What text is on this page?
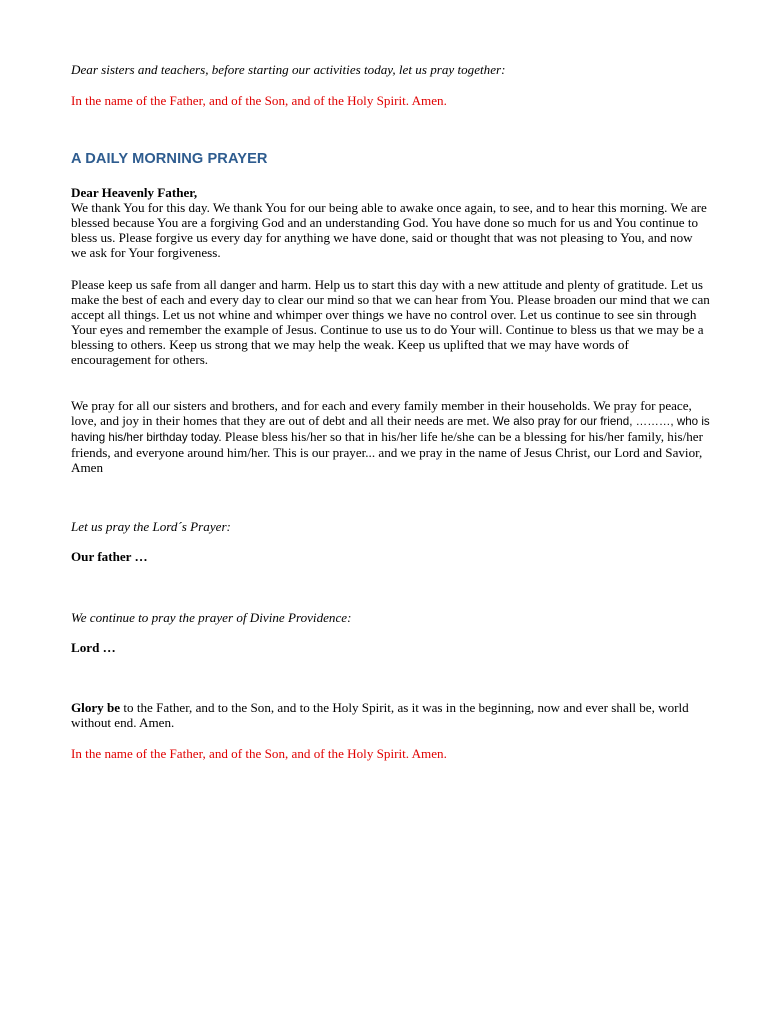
Dear sisters and teachers, before starting our activities today, let us pray together:

In the name of the Father, and of the Son, and of the Holy Spirit. Amen.

A DAILY MORNING PRAYER

Dear Heavenly Father,

We thank You for this day. We thank You for our being able to awake once again, to see, and to hear this morning. We are blessed because You are a forgiving God and an understanding God. You have done so much for us and You continue to bless us. Please forgive us every day for anything we have done, said or thought that was not pleasing to You, and now we ask for Your forgiveness.

Please keep us safe from all danger and harm. Help us to start this day with a new attitude and plenty of gratitude. Let us make the best of each and every day to clear our mind so that we can hear from You. Please broaden our mind that we can accept all things. Let us not whine and whimper over things we have no control over. Let us continue to see sin through Your eyes and remember the example of Jesus. Continue to use us to do Your will. Continue to bless us that we may be a blessing to others. Keep us strong that we may help the weak. Keep us uplifted that we may have words of encouragement for others.

We pray for all our sisters and brothers, and for each and every family member in their households. We pray for peace, love, and joy in their homes that they are out of debt and all their needs are met. We also pray for our friend, ………, who is having his/her birthday today. Please bless his/her so that in his/her life he/she can be a blessing for his/her family, his/her friends, and everyone around him/her. This is our prayer... and we pray in the name of Jesus Christ, our Lord and Savior, Amen

Let us pray the Lord´s Prayer:

Our father …

We continue to pray the prayer of Divine Providence:

Lord …

Glory be to the Father, and to the Son, and to the Holy Spirit, as it was in the beginning, now and ever shall be, world without end. Amen.

In the name of the Father, and of the Son, and of the Holy Spirit. Amen.
